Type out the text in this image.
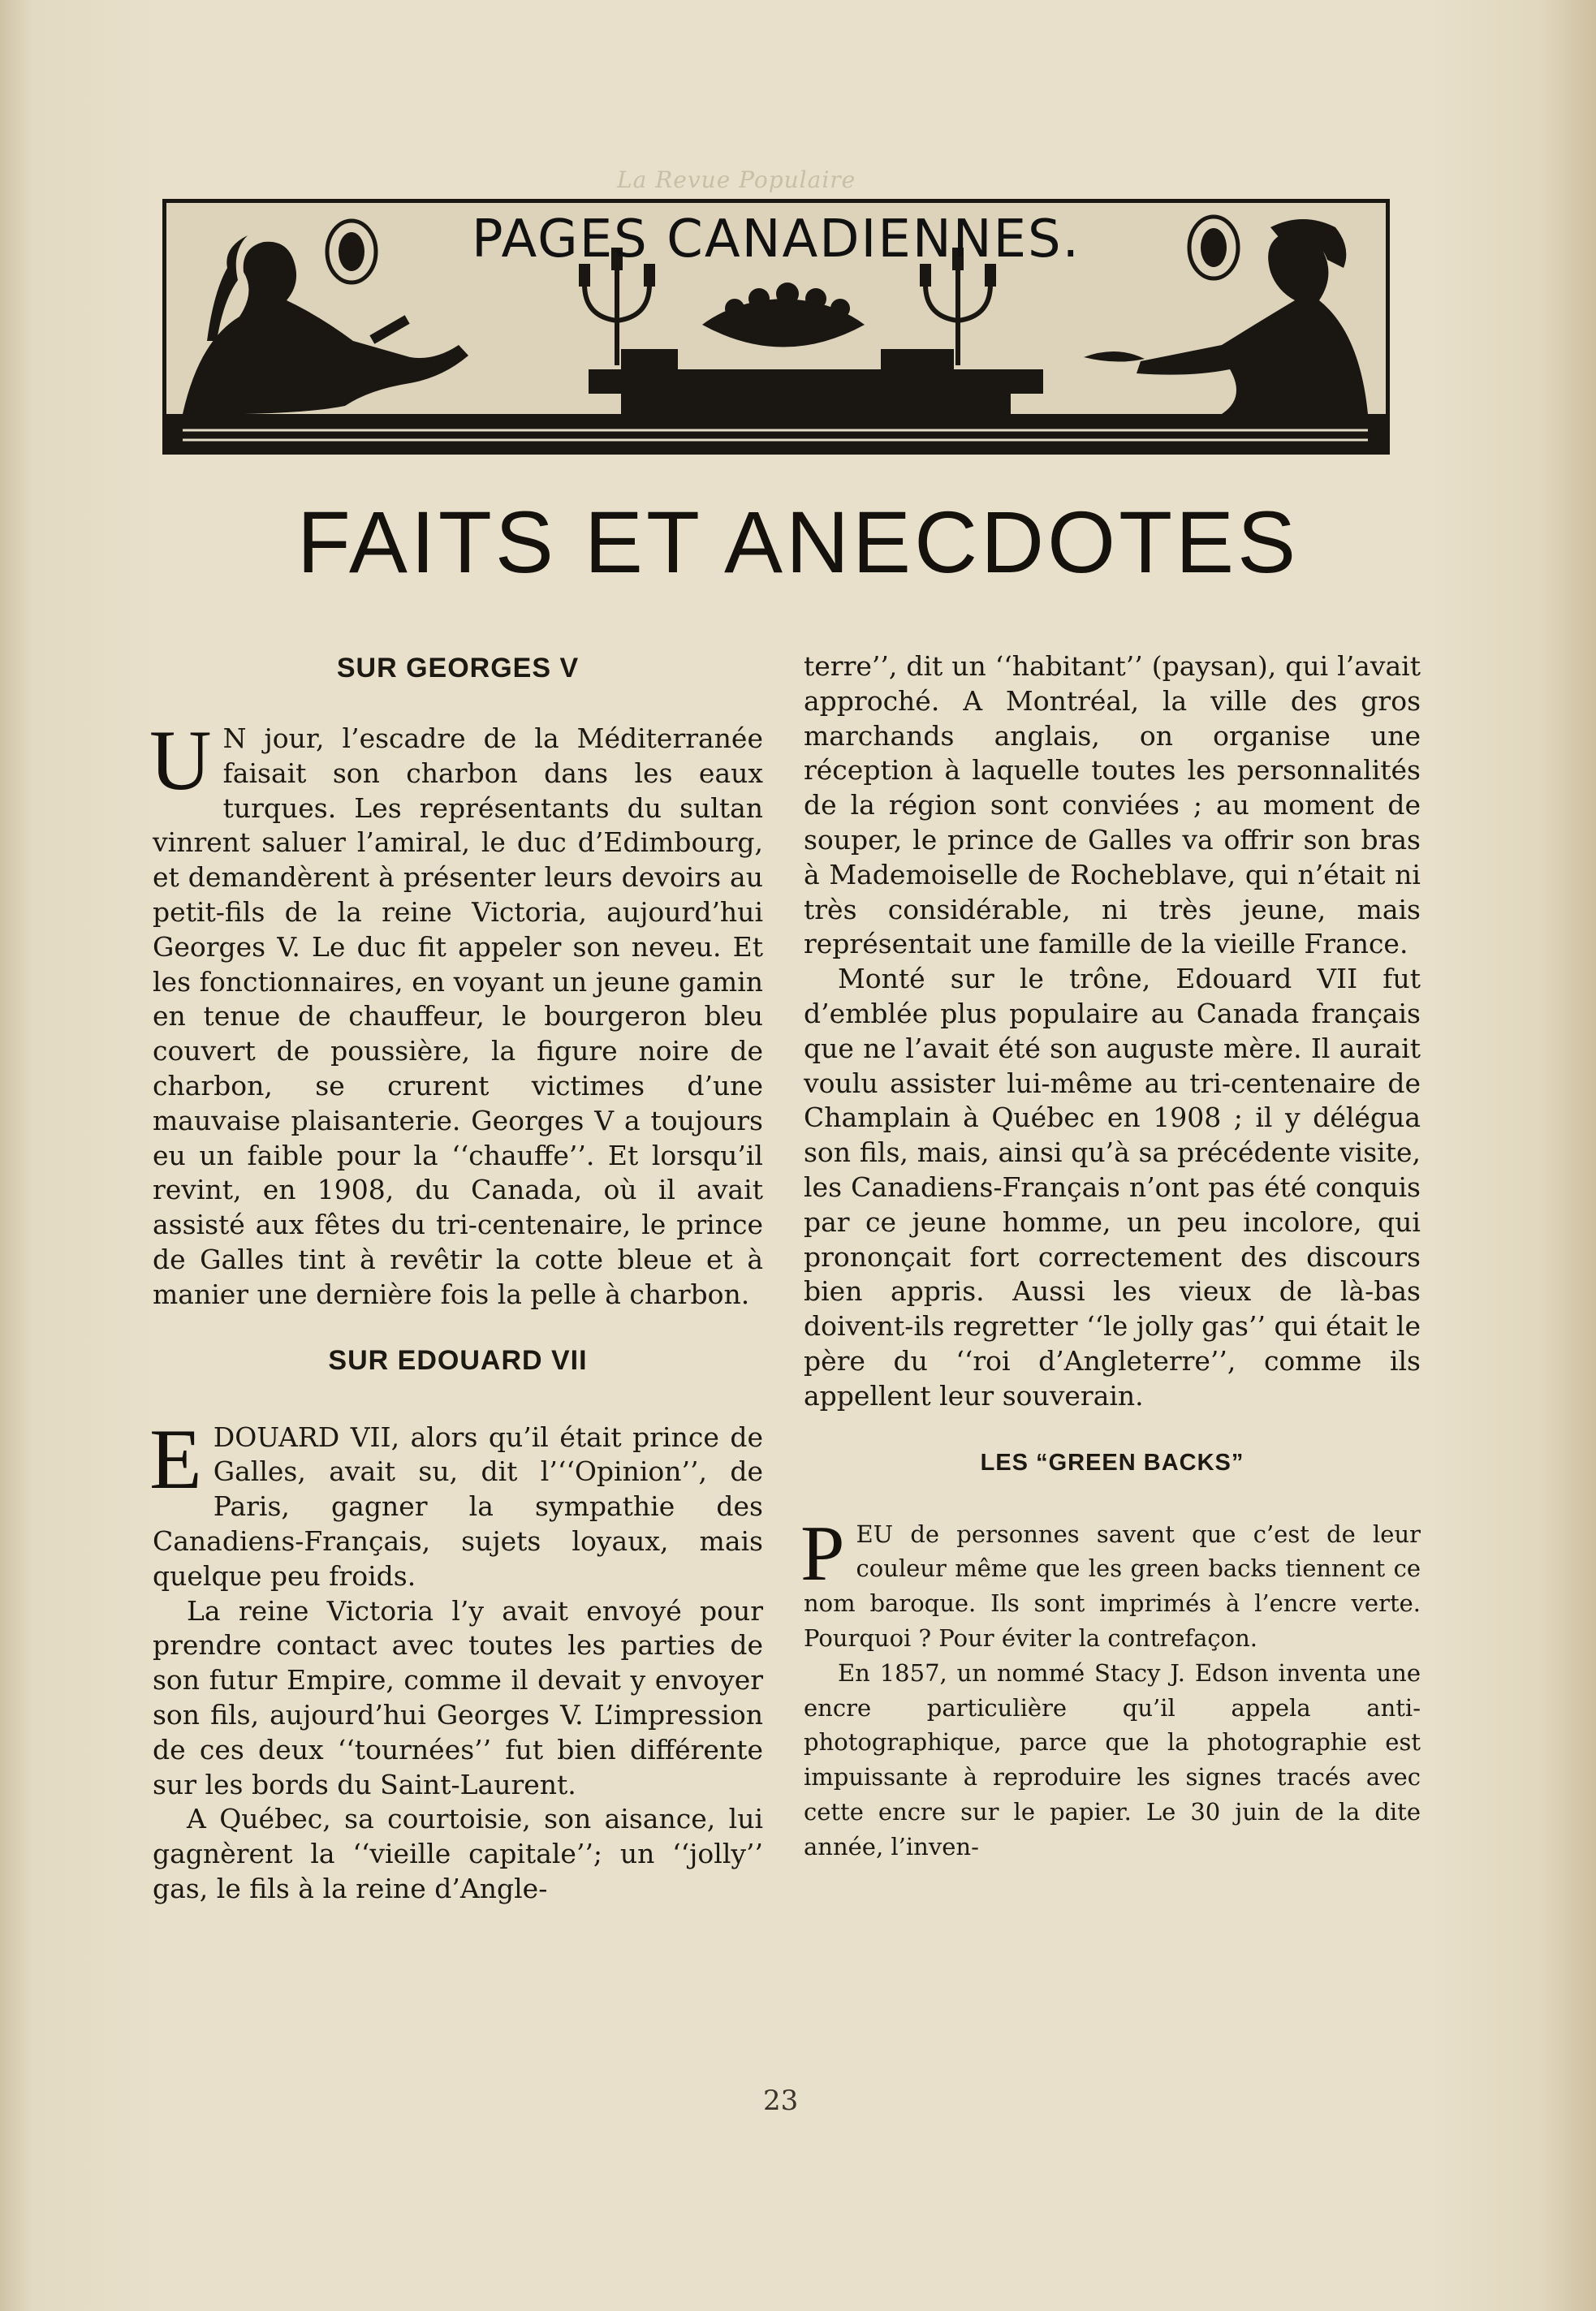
La Revue Populaire
PAGES CANADIENNES.
FAITS ET ANECDOTES
SUR GEORGES V

U N jour, l’escadre de la Méditerranée faisait son charbon dans les eaux turques. Les représentants du sultan vinrent saluer l’amiral, le duc d’Edimbourg, et demandèrent à présenter leurs devoirs au petit-fils de la reine Victoria, aujourd’hui Georges V. Le duc fit appeler son neveu. Et les fonctionnaires, en voyant un jeune gamin en tenue de chauffeur, le bourgeron bleu couvert de poussière, la figure noire de charbon, se crurent victimes d’une mauvaise plaisanterie. Georges V a toujours eu un faible pour la ‘‘chauffe’’. Et lorsqu’il revint, en 1908, du Canada, où il avait assisté aux fêtes du tri-centenaire, le prince de Galles tint à revêtir la cotte bleue et à manier une dernière fois la pelle à charbon.

SUR EDOUARD VII

EDOUARD VII, alors qu’il était prince de Galles, avait su, dit l’‘‘Opinion’’, de Paris, gagner la sympathie des Canadiens-Français, sujets loyaux, mais quelque peu froids.

La reine Victoria l’y avait envoyé pour prendre contact avec toutes les parties de son futur Empire, comme il devait y envoyer son fils, aujourd’hui Georges V. L’impression de ces deux ‘‘tournées’’ fut bien différente sur les bords du Saint-Laurent.

A Québec, sa courtoisie, son aisance, lui gagnèrent la ‘‘vieille capitale’’; un ‘‘jolly’’ gas, le fils à la reine d’Angle-

terre’’, dit un ‘‘habitant’’ (paysan), qui l’avait approché. A Montréal, la ville des gros marchands anglais, on organise une réception à laquelle toutes les personnalités de la région sont conviées ; au moment de souper, le prince de Galles va offrir son bras à Mademoiselle de Rocheblave, qui n’était ni très considérable, ni très jeune, mais représentait une famille de la vieille France.

Monté sur le trône, Edouard VII fut d’emblée plus populaire au Canada français que ne l’avait été son auguste mère. Il aurait voulu assister lui-même au tri-centenaire de Champlain à Québec en 1908 ; il y délégua son fils, mais, ainsi qu’à sa précédente visite, les Canadiens-Français n’ont pas été conquis par ce jeune homme, un peu incolore, qui prononçait fort correctement des discours bien appris. Aussi les vieux de là-bas doivent-ils regretter ‘‘le jolly gas’’ qui était le père du ‘‘roi d’Angleterre’’, comme ils appellent leur souverain.

LES “GREEN BACKS”

PEU de personnes savent que c’est de leur couleur même que les green backs tiennent ce nom baroque. Ils sont imprimés à l’encre verte. Pourquoi ? Pour éviter la contrefaçon.

En 1857, un nommé Stacy J. Edson inventa une encre particulière qu’il appela anti-photographique, parce que la photographie est impuissante à reproduire les signes tracés avec cette encre sur le papier. Le 30 juin de la dite année, l’inven-

23
